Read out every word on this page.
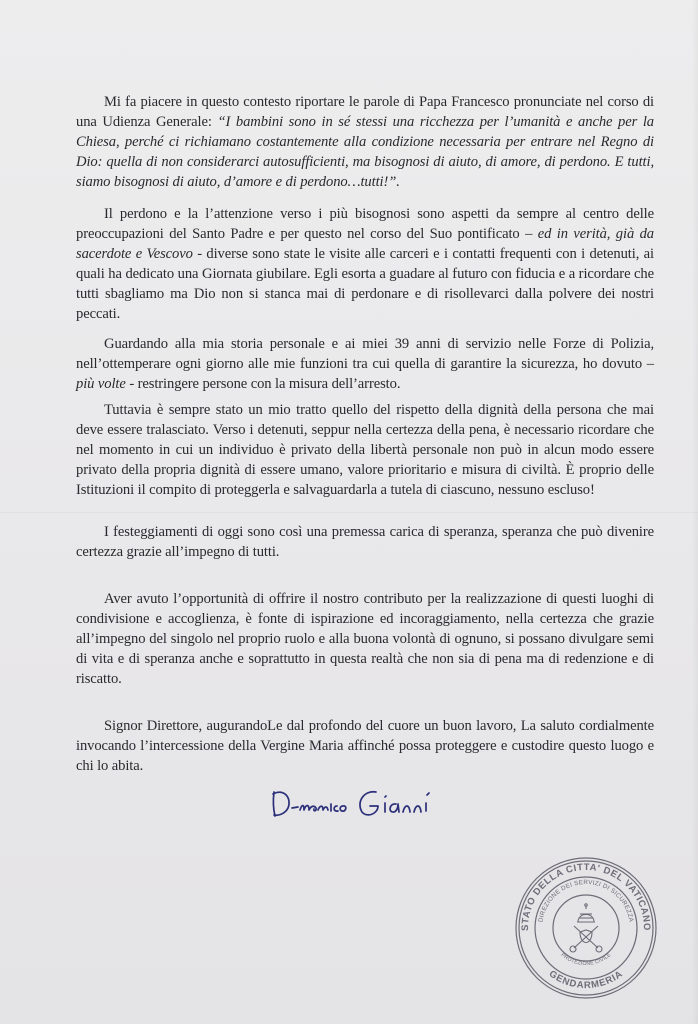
Mi fa piacere in questo contesto riportare le parole di Papa Francesco pronunciate nel corso di una Udienza Generale: “I bambini sono in sé stessi una ricchezza per l’umanità e anche per la Chiesa, perché ci richiamano costantemente alla condizione necessaria per entrare nel Regno di Dio: quella di non considerarci autosufficienti, ma bisognosi di aiuto, di amore, di perdono. E tutti, siamo bisognosi di aiuto, d’amore e di perdono…tutti!”.

Il perdono e la l’attenzione verso i più bisognosi sono aspetti da sempre al centro delle preoccupazioni del Santo Padre e per questo nel corso del Suo pontificato – ed in verità, già da sacerdote e Vescovo - diverse sono state le visite alle carceri e i contatti frequenti con i detenuti, ai quali ha dedicato una Giornata giubilare. Egli esorta a guadare al futuro con fiducia e a ricordare che tutti sbagliamo ma Dio non si stanca mai di perdonare e di risollevarci dalla polvere dei nostri peccati.

Guardando alla mia storia personale e ai miei 39 anni di servizio nelle Forze di Polizia, nell’ottemperare ogni giorno alle mie funzioni tra cui quella di garantire la sicurezza, ho dovuto – più volte - restringere persone con la misura dell’arresto.

Tuttavia è sempre stato un mio tratto quello del rispetto della dignità della persona che mai deve essere tralasciato. Verso i detenuti, seppur nella certezza della pena, è necessario ricordare che nel momento in cui un individuo è privato della libertà personale non può in alcun modo essere privato della propria dignità di essere umano, valore prioritario e misura di civiltà. È proprio delle Istituzioni il compito di proteggerla e salvaguardarla a tutela di ciascuno, nessuno escluso!

I festeggiamenti di oggi sono così una premessa carica di speranza, speranza che può divenire certezza grazie all’impegno di tutti.

Aver avuto l’opportunità di offrire il nostro contributo per la realizzazione di questi luoghi di condivisione e accoglienza, è fonte di ispirazione ed incoraggiamento, nella certezza che grazie all’impegno del singolo nel proprio ruolo e alla buona volontà di ognuno, si possano divulgare semi di vita e di speranza anche e soprattutto in questa realtà che non sia di pena ma di redenzione e di riscatto.

Signor Direttore, augurandoLe dal profondo del cuore un buon lavoro, La saluto cordialmente invocando l’intercessione della Vergine Maria affinché possa proteggere e custodire questo luogo e chi lo abita.

STATO DELLA CITTA' DEL VATICANO
DIREZIONE DEI SERVIZI DI SICUREZZA
GENDARMERIA
PROTEZIONE CIVILE
